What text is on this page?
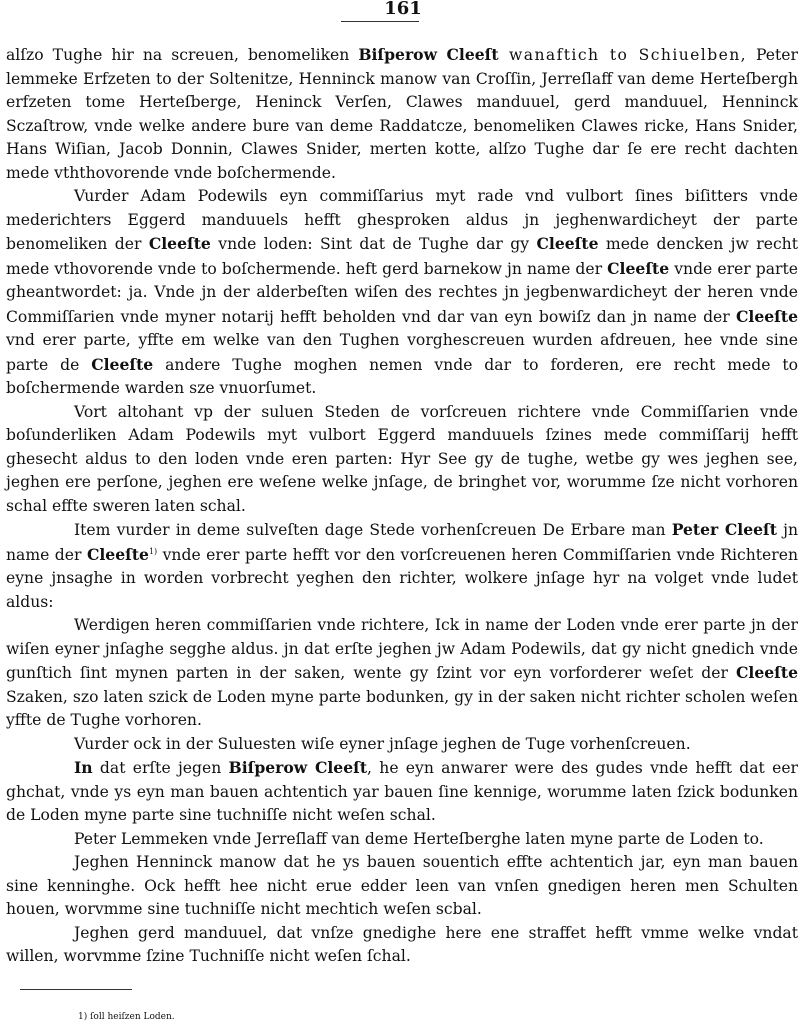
161

alſzo Tughe hir na screuen, benomeliken Biſperow Cleeſt wanaftich to Schiuelben, Peter lemmeke Erfzeten to der Soltenitze, Henninck manow van Croſſin, Jerreſlaff van deme Herteſbergh erfzeten tome Herteſberge, Heninck Verſen, Clawes manduuel, gerd manduuel, Henninck Sczaſtrow, vnde welke andere bure van deme Raddatcze, benomeliken Clawes ricke, Hans Snider, Hans Wiſian, Jacob Donnin, Clawes Snider, merten kotte, alſzo Tughe dar ſe ere recht dachten mede vththovorende vnde boſchermende.

Vurder Adam Podewils eyn commiſſarius myt rade vnd vulbort ſines biſitters vnde mederichters Eggerd manduuels hefft ghesproken aldus jn jeghenwardicheyt der parte benomeliken der Cleeſte vnde loden: Sint dat de Tughe dar gy Cleeſte mede dencken jw recht mede vthovorende vnde to boſchermende. heft gerd barnekow jn name der Cleeſte vnde erer parte gheantwordet: ja. Vnde jn der alderbeſten wiſen des rechtes jn jegbenwardicheyt der heren vnde Commiſſarien vnde myner notarij hefft beholden vnd dar van eyn bowiſz dan jn name der Cleeſte vnd erer parte, yffte em welke van den Tughen vorghescreuen wurden afdreuen, hee vnde sine parte de Cleeſte andere Tughe moghen nemen vnde dar to forderen, ere recht mede to boſchermende warden sze vnuorſumet.

Vort altohant vp der suluen Steden de vorſcreuen richtere vnde Commiſſarien vnde boſunderliken Adam Podewils myt vulbort Eggerd manduuels ſzines mede commiſſarij hefft ghesecht aldus to den loden vnde eren parten: Hyr See gy de tughe, wetbe gy wes jeghen see, jeghen ere perſone, jeghen ere weſene welke jnſage, de bringhet vor, worumme ſze nicht vorhoren schal effte sweren laten schal.

Item vurder in deme sulveſten dage Stede vorhenſcreuen De Erbare man Peter Cleeſt jn name der Cleeſte$^{1)}$ vnde erer parte hefft vor den vorſcreuenen heren Commiſſarien vnde Richteren eyne jnsaghe in worden vorbrecht yeghen den richter, wolkere jnſage hyr na volget vnde ludet aldus:

Werdigen heren commiſſarien vnde richtere, Ick in name der Loden vnde erer parte jn der wiſen eyner jnſaghe segghe aldus. jn dat erſte jeghen jw Adam Podewils, dat gy nicht gnedich vnde gunſtich ſint mynen parten in der saken, wente gy ſzint vor eyn vorforderer weſet der Cleeſte Szaken, szo laten szick de Loden myne parte bodunken, gy in der saken nicht richter scholen weſen yffte de Tughe vorhoren.

Vurder ock in der Suluesten wiſe eyner jnſage jeghen de Tuge vorhenſcreuen.

In dat erſte jegen Biſperow Cleeſt, he eyn anwarer were des gudes vnde hefft dat eer ghchat, vnde ys eyn man bauen achtentich yar bauen ſine kennige, worumme laten ſzick bodunken de Loden myne parte sine tuchniſſe nicht weſen schal.

Peter Lemmeken vnde Jerreſlaff van deme Herteſberghe laten myne parte de Loden to.

Jeghen Henninck manow dat he ys bauen souentich effte achtentich jar, eyn man bauen sine kenninghe. Ock hefft hee nicht erue edder leen van vnſen gnedigen heren men Schulten houen, worvmme sine tuchniſſe nicht mechtich weſen scbal.

Jeghen gerd manduuel, dat vnſze gnedighe here ene straffet hefft vmme welke vndat willen, worvmme ſzine Tuchniſſe nicht weſen ſchal.

1) ſoll heiſzen Loden.
